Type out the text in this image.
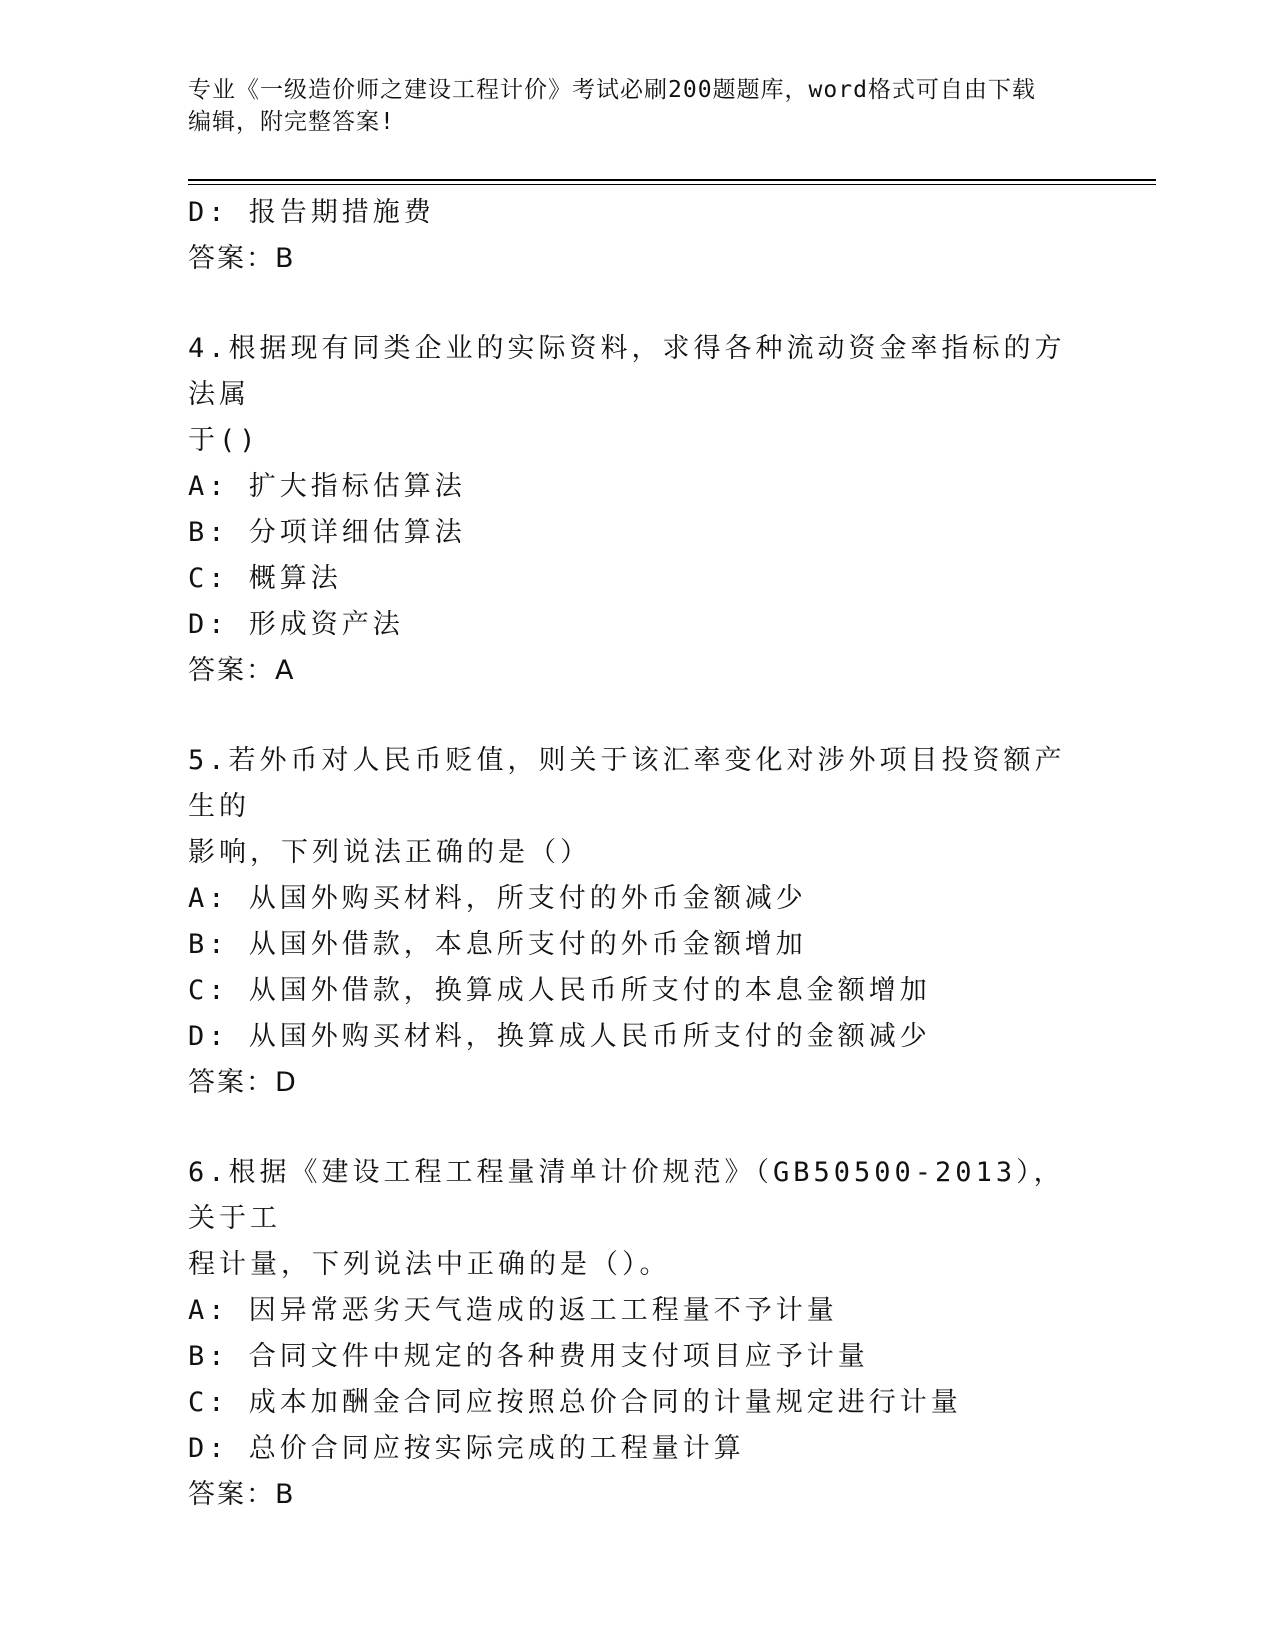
专业《一级造价师之建设工程计价》考试必刷200题题库，word格式可自由下载
编辑，附完整答案!
D: 报告期措施费
答案：B
4.根据现有同类企业的实际资料，求得各种流动资金率指标的方法属
于()
A: 扩大指标估算法
B: 分项详细估算法
C: 概算法
D: 形成资产法
答案：A
5.若外币对人民币贬值，则关于该汇率变化对涉外项目投资额产生的
影响，下列说法正确的是（）
A: 从国外购买材料，所支付的外币金额减少
B: 从国外借款，本息所支付的外币金额增加
C: 从国外借款，换算成人民币所支付的本息金额增加
D: 从国外购买材料，换算成人民币所支付的金额减少
答案：D
6.根据《建设工程工程量清单计价规范》（GB50500-2013），关于工
程计量，下列说法中正确的是（）。
A: 因异常恶劣天气造成的返工工程量不予计量
B: 合同文件中规定的各种费用支付项目应予计量
C: 成本加酬金合同应按照总价合同的计量规定进行计量
D: 总价合同应按实际完成的工程量计算
答案：B
